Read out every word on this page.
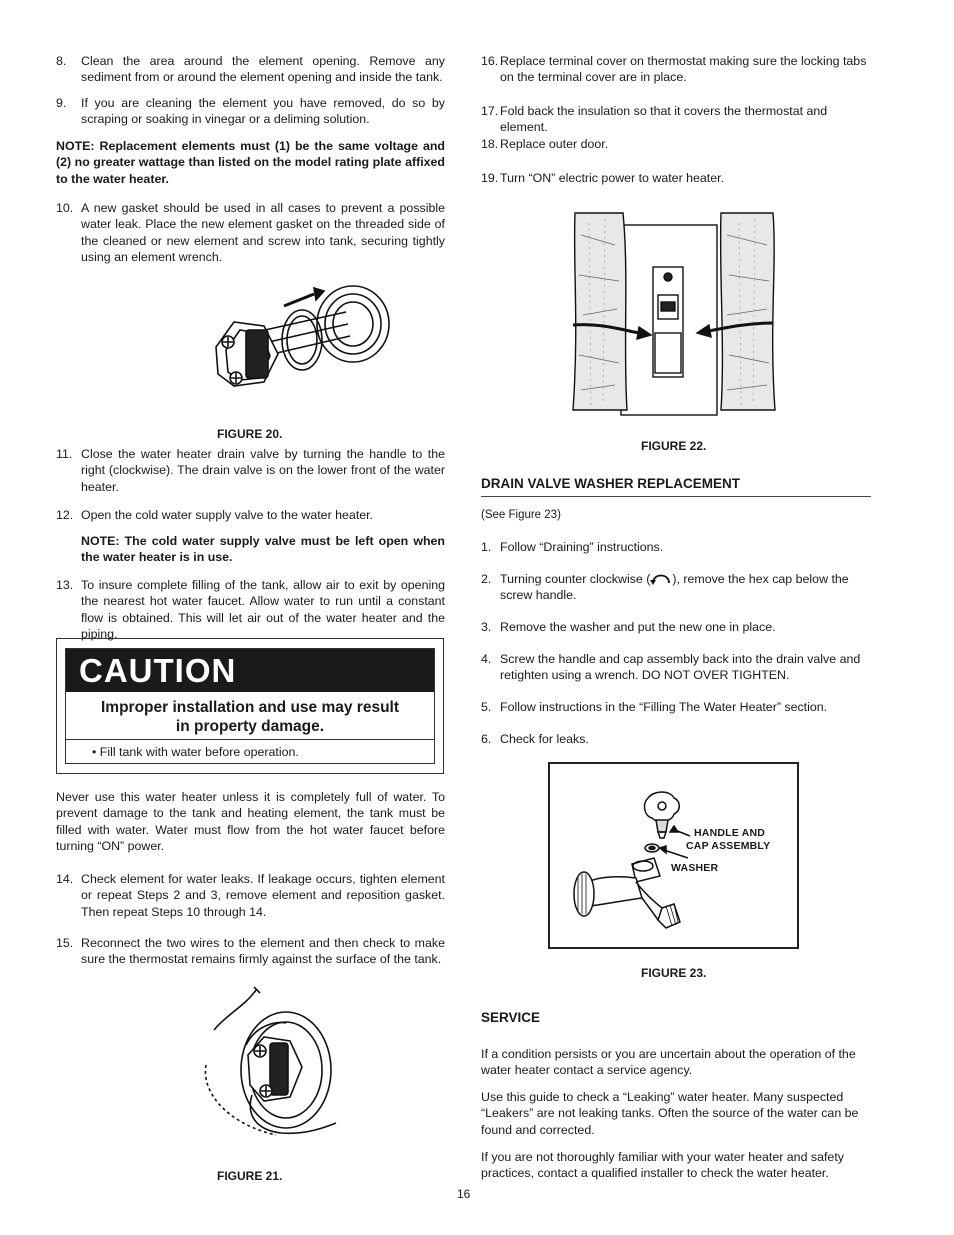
8. Clean the area around the element opening. Remove any sediment from or around the element opening and inside the tank.
9. If you are cleaning the element you have removed, do so by scraping or soaking in vinegar or a deliming solution.
NOTE: Replacement elements must (1) be the same voltage and (2) no greater wattage than listed on the model rating plate affixed to the water heater.
10. A new gasket should be used in all cases to prevent a possible water leak. Place the new element gasket on the threaded side of the cleaned or new element and screw into tank, securing tightly using an element wrench.
FIGURE 20.
11. Close the water heater drain valve by turning the handle to the right (clockwise). The drain valve is on the lower front of the water heater.
12. Open the cold water supply valve to the water heater.
NOTE: The cold water supply valve must be left open when the water heater is in use.
13. To insure complete filling of the tank, allow air to exit by opening the nearest hot water faucet. Allow water to run until a constant flow is obtained. This will let air out of the water heater and the piping.
CAUTION
Improper installation and use may result
in property damage.
• Fill tank with water before operation.
Never use this water heater unless it is completely full of water. To prevent damage to the tank and heating element, the tank must be filled with water. Water must flow from the hot water faucet before turning “ON” power.
14. Check element for water leaks. If leakage occurs, tighten element or repeat Steps 2 and 3, remove element and reposition gasket. Then repeat Steps 10 through 14.
15. Reconnect the two wires to the element and then check to make sure the thermostat remains firmly against the surface of the tank.
FIGURE 21.
16. Replace terminal cover on thermostat making sure the locking tabs on the terminal cover are in place.
17. Fold back the insulation so that it covers the thermostat and element.
18. Replace outer door.
19. Turn “ON” electric power to water heater.
FIGURE 22.
DRAIN VALVE WASHER REPLACEMENT
(See Figure 23)
1. Follow “Draining” instructions.
2. Turning counter clockwise ( ), remove the hex cap below the screw handle.
3. Remove the washer and put the new one in place.
4. Screw the handle and cap assembly back into the drain valve and retighten using a wrench. DO NOT OVER TIGHTEN.
5. Follow instructions in the “Filling The Water Heater” section.
6. Check for leaks.
HANDLE AND
CAP ASSEMBLY
WASHER
FIGURE 23.
SERVICE
If a condition persists or you are uncertain about the operation of the water heater contact a service agency.
Use this guide to check a “Leaking” water heater. Many suspected “Leakers” are not leaking tanks. Often the source of the water can be found and corrected.
If you are not thoroughly familiar with your water heater and safety practices, contact a qualified installer to check the water heater.
16
